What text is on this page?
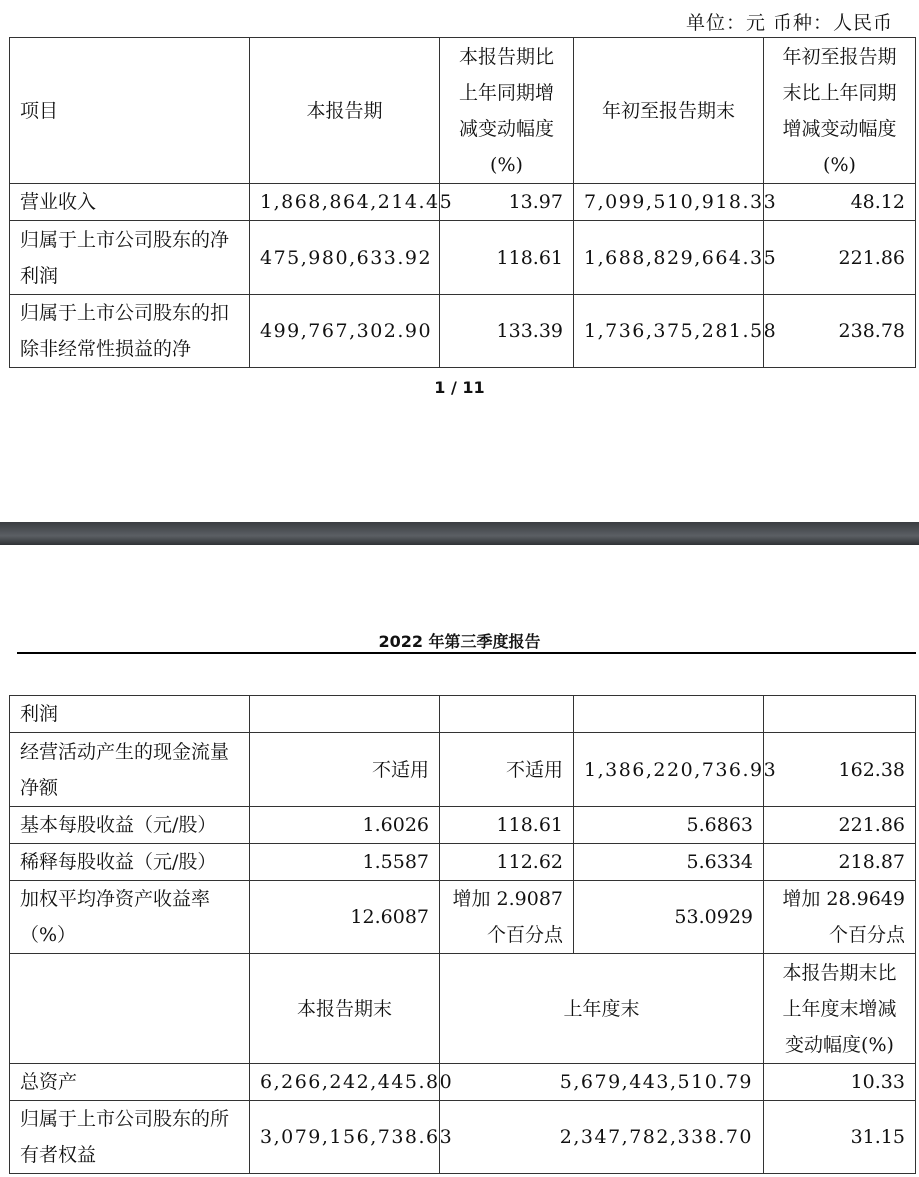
单位：元 币种：人民币
项目	本报告期	本报告期比上年同期增减变动幅度(%)	年初至报告期末	年初至报告期末比上年同期增减变动幅度(%)
营业收入	1,868,864,214.45	13.97	7,099,510,918.33	48.12
归属于上市公司股东的净利润	475,980,633.92	118.61	1,688,829,664.35	221.86
归属于上市公司股东的扣除非经常性损益的净	499,767,302.90	133.39	1,736,375,281.58	238.78
1 / 11
2022 年第三季度报告
利润				
经营活动产生的现金流量净额	不适用	不适用	1,386,220,736.93	162.38
基本每股收益（元/股）	1.6026	118.61	5.6863	221.86
稀释每股收益（元/股）	1.5587	112.62	5.6334	218.87
加权平均净资产收益率（%）	12.6087	增加 2.9087 个百分点	53.0929	增加 28.9649 个百分点
	本报告期末	上年度末		本报告期末比上年度末增减变动幅度(%)
总资产	6,266,242,445.80	5,679,443,510.79		10.33
归属于上市公司股东的所有者权益	3,079,156,738.63	2,347,782,338.70		31.15
